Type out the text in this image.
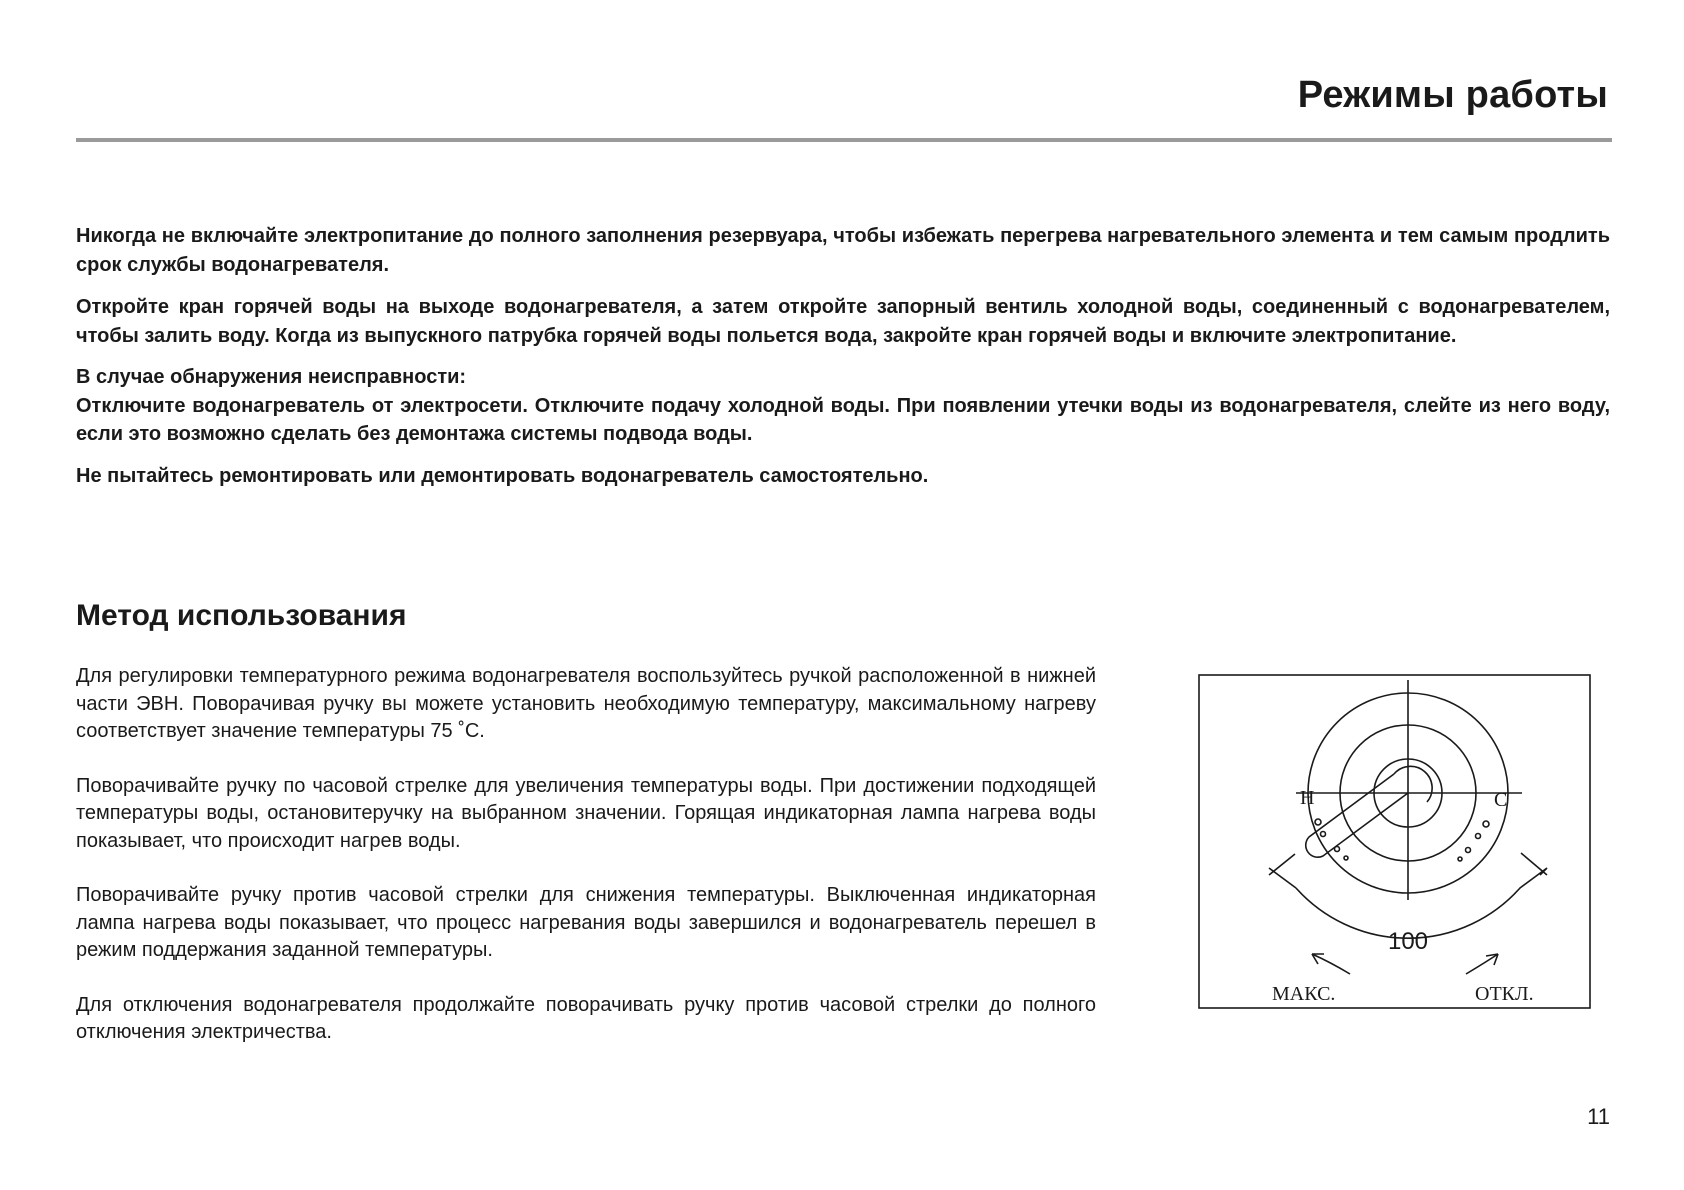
Режимы работы

Никогда не включайте электропитание до полного заполнения резервуара, чтобы избежать перегрева нагревательного элемента и тем самым продлить срок службы водонагревателя.

Откройте кран горячей воды на выходе водонагревателя, а затем откройте запорный вентиль холодной воды, соединенный с водонагревателем, чтобы залить воду. Когда из выпускного патрубка горячей воды польется вода, закройте кран горячей воды и включите электропитание.

В случае обнаружения неисправности:
Отключите водонагреватель от электросети. Отключите подачу холодной воды. При появлении утечки воды из водонагревателя, слейте из него воду, если это возможно сделать без демонтажа системы подвода воды.

Не пытайтесь ремонтировать или демонтировать водонагреватель самостоятельно.

Метод использования

Для регулировки температурного режима водонагревателя воспользуйтесь ручкой расположенной в нижней части ЭВН. Поворачивая ручку вы можете установить необходимую температуру, максимальному нагреву соответствует значение температуры 75 ˚С.

Поворачивайте ручку по часовой стрелке для увеличения температуры воды. При достижении подходящей температуры воды, остановитеручку на выбранном значении. Горящая индикаторная лампа нагрева воды показывает, что происходит нагрев воды.

Поворачивайте ручку против часовой стрелки для снижения температуры. Выключенная индикаторная лампа нагрева воды показывает, что процесс нагревания воды завершился и водонагреватель перешел в режим поддержания заданной температуры.

Для отключения водонагревателя продолжайте поворачивать ручку против часовой стрелки до полного отключения электричества.

Н	С
100
МАКС.	ОТКЛ.
11
